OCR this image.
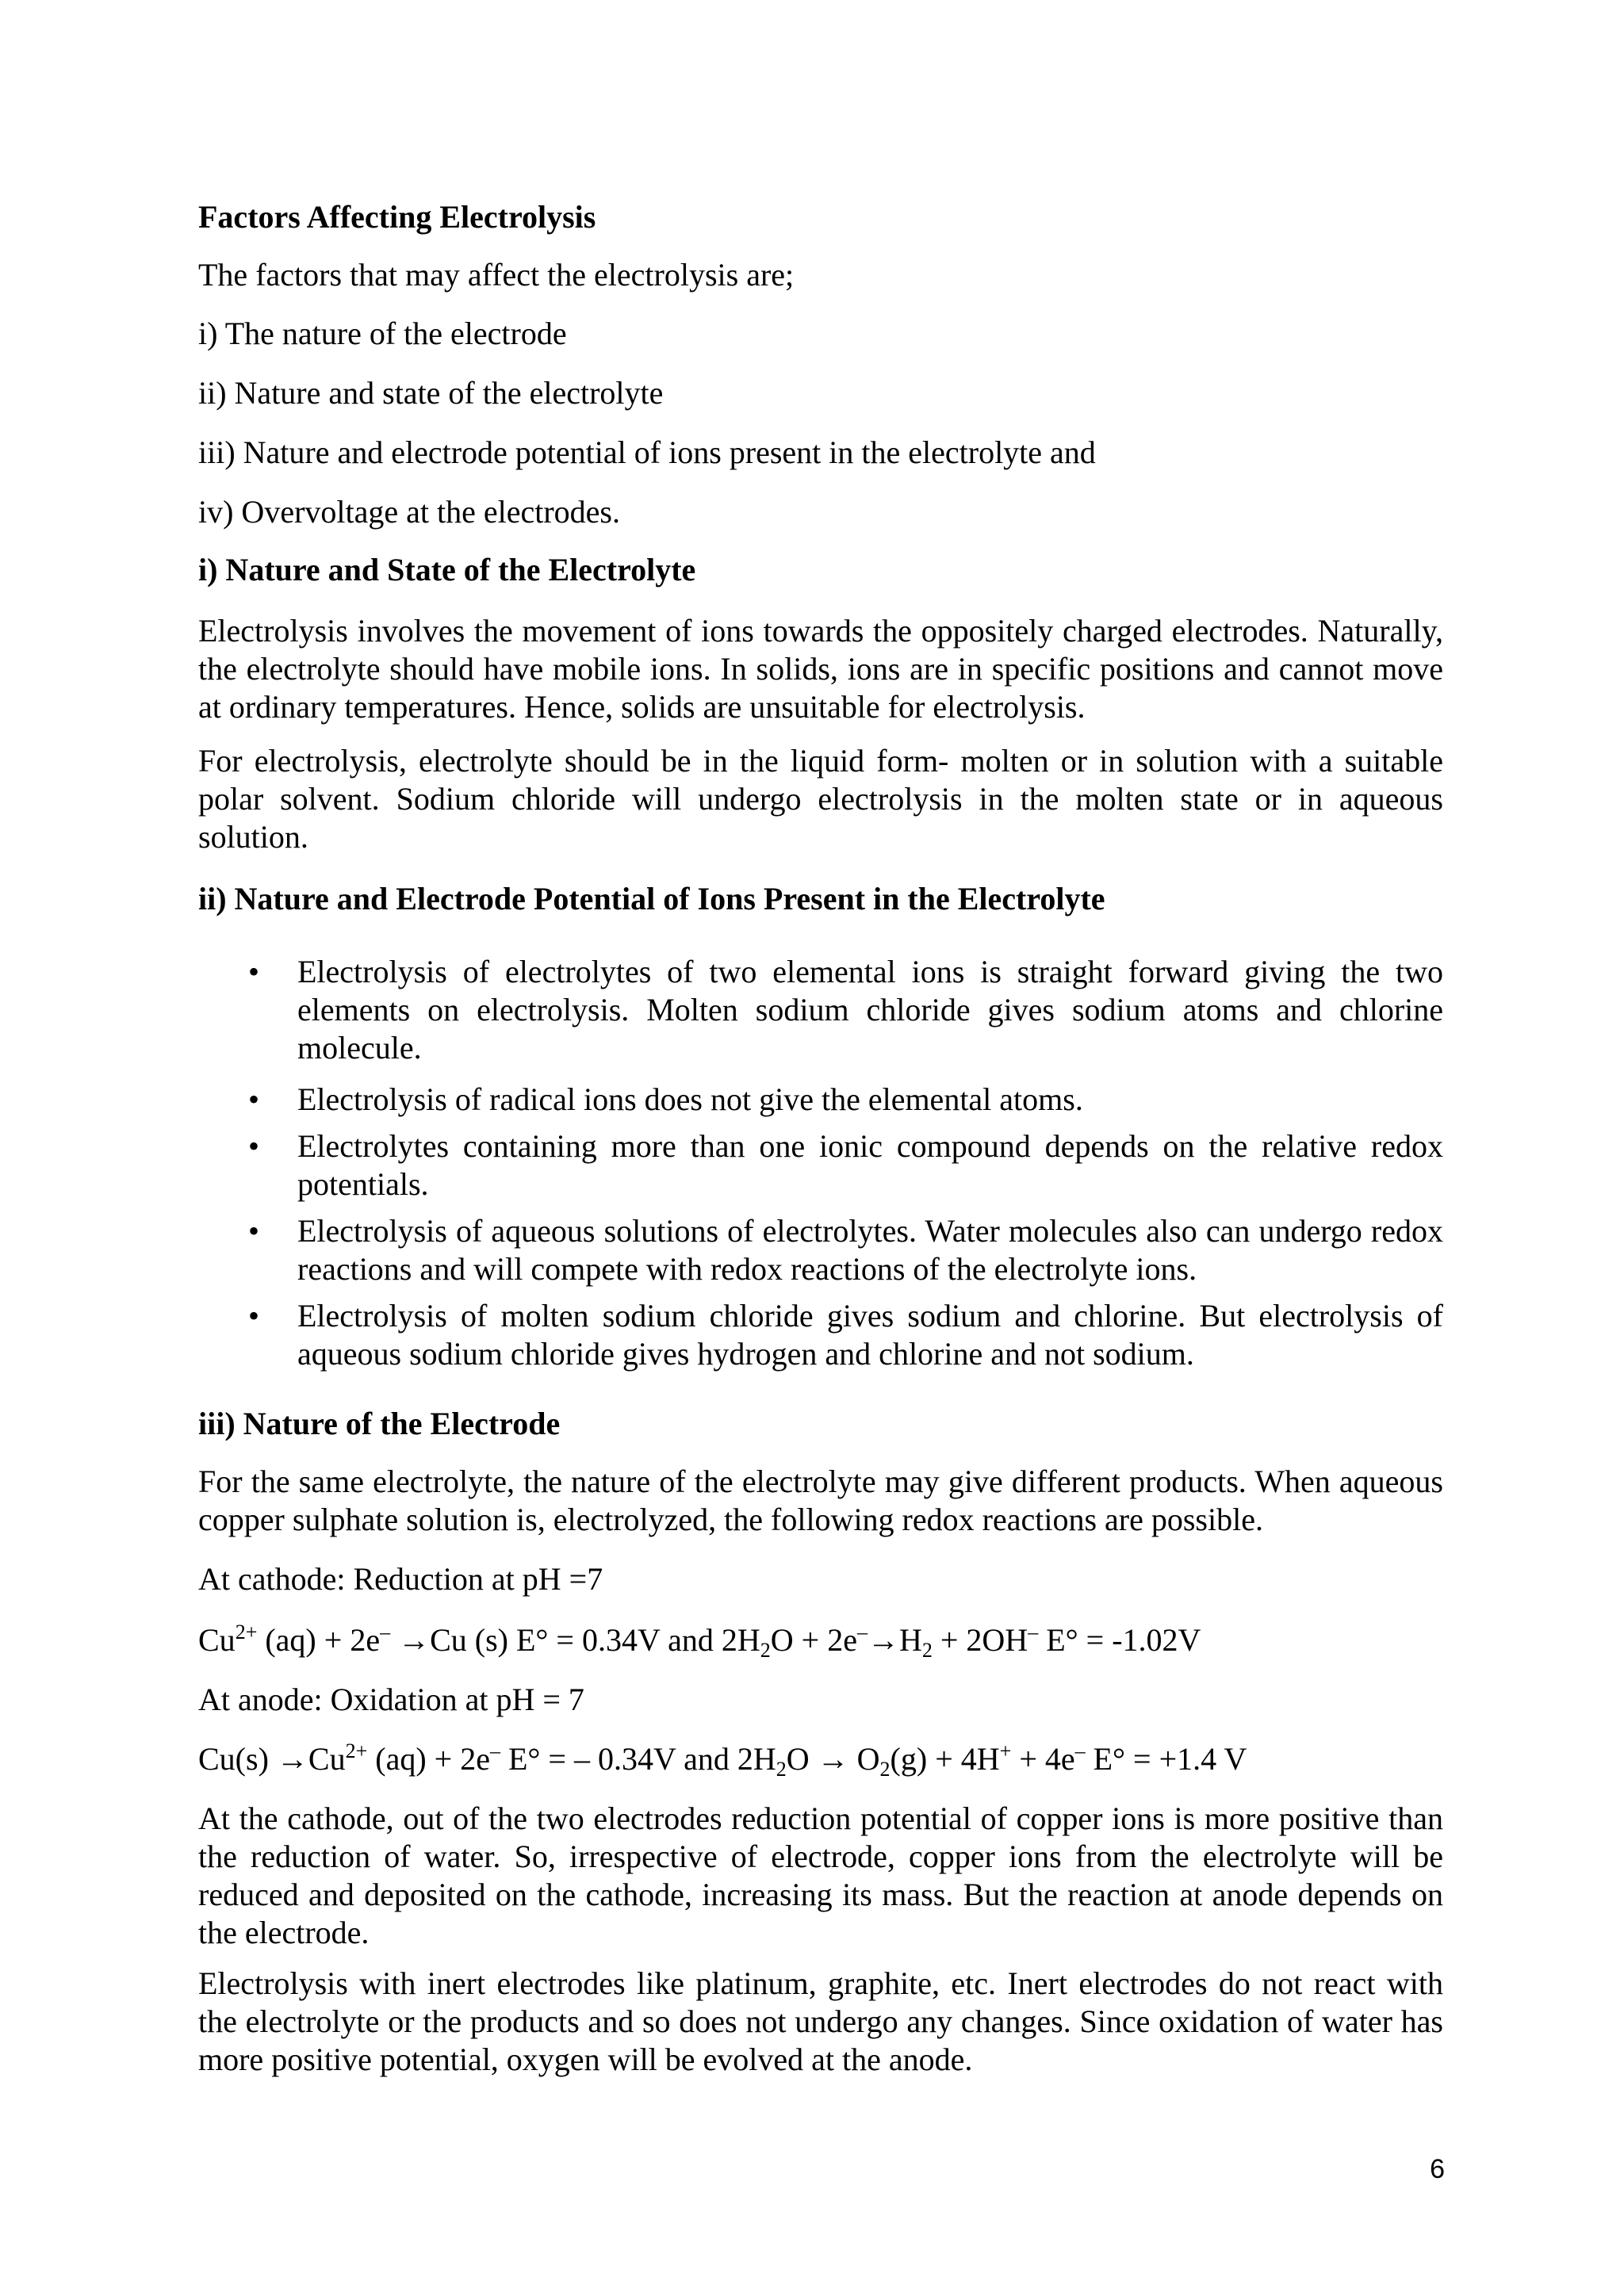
Factors Affecting Electrolysis

The factors that may affect the electrolysis are;

i) The nature of the electrode

ii) Nature and state of the electrolyte

iii) Nature and electrode potential of ions present in the electrolyte and

iv) Overvoltage at the electrodes.

i) Nature and State of the Electrolyte

Electrolysis involves the movement of ions towards the oppositely charged electrodes. Naturally, the electrolyte should have mobile ions. In solids, ions are in specific positions and cannot move at ordinary temperatures. Hence, solids are unsuitable for electrolysis.

For electrolysis, electrolyte should be in the liquid form- molten or in solution with a suitable polar solvent. Sodium chloride will undergo electrolysis in the molten state or in aqueous solution.

ii) Nature and Electrode Potential of Ions Present in the Electrolyte

• Electrolysis of electrolytes of two elemental ions is straight forward giving the two elements on electrolysis. Molten sodium chloride gives sodium atoms and chlorine molecule.
• Electrolysis of radical ions does not give the elemental atoms.
• Electrolytes containing more than one ionic compound depends on the relative redox potentials.
• Electrolysis of aqueous solutions of electrolytes. Water molecules also can undergo redox reactions and will compete with redox reactions of the electrolyte ions.
• Electrolysis of molten sodium chloride gives sodium and chlorine. But electrolysis of aqueous sodium chloride gives hydrogen and chlorine and not sodium.

iii) Nature of the Electrode

For the same electrolyte, the nature of the electrolyte may give different products. When aqueous copper sulphate solution is, electrolyzed, the following redox reactions are possible.

At cathode: Reduction at pH =7

$Cu^{2+}$ (aq) + 2e– →Cu (s) E° = 0.34V and $2H_2O + 2e^-\to H_2 + 2OH^-$ E° = -1.02V

At anode: Oxidation at pH = 7

$Cu(s) \to Cu^{2+}$ (aq) + 2e– E° = – 0.34V and $2H_2O \to O_2(g) + 4H^+ + 4e^-$ E° = +1.4 V

At the cathode, out of the two electrodes reduction potential of copper ions is more positive than the reduction of water. So, irrespective of electrode, copper ions from the electrolyte will be reduced and deposited on the cathode, increasing its mass. But the reaction at anode depends on the electrode.

Electrolysis with inert electrodes like platinum, graphite, etc. Inert electrodes do not react with the electrolyte or the products and so does not undergo any changes. Since oxidation of water has more positive potential, oxygen will be evolved at the anode.

6
